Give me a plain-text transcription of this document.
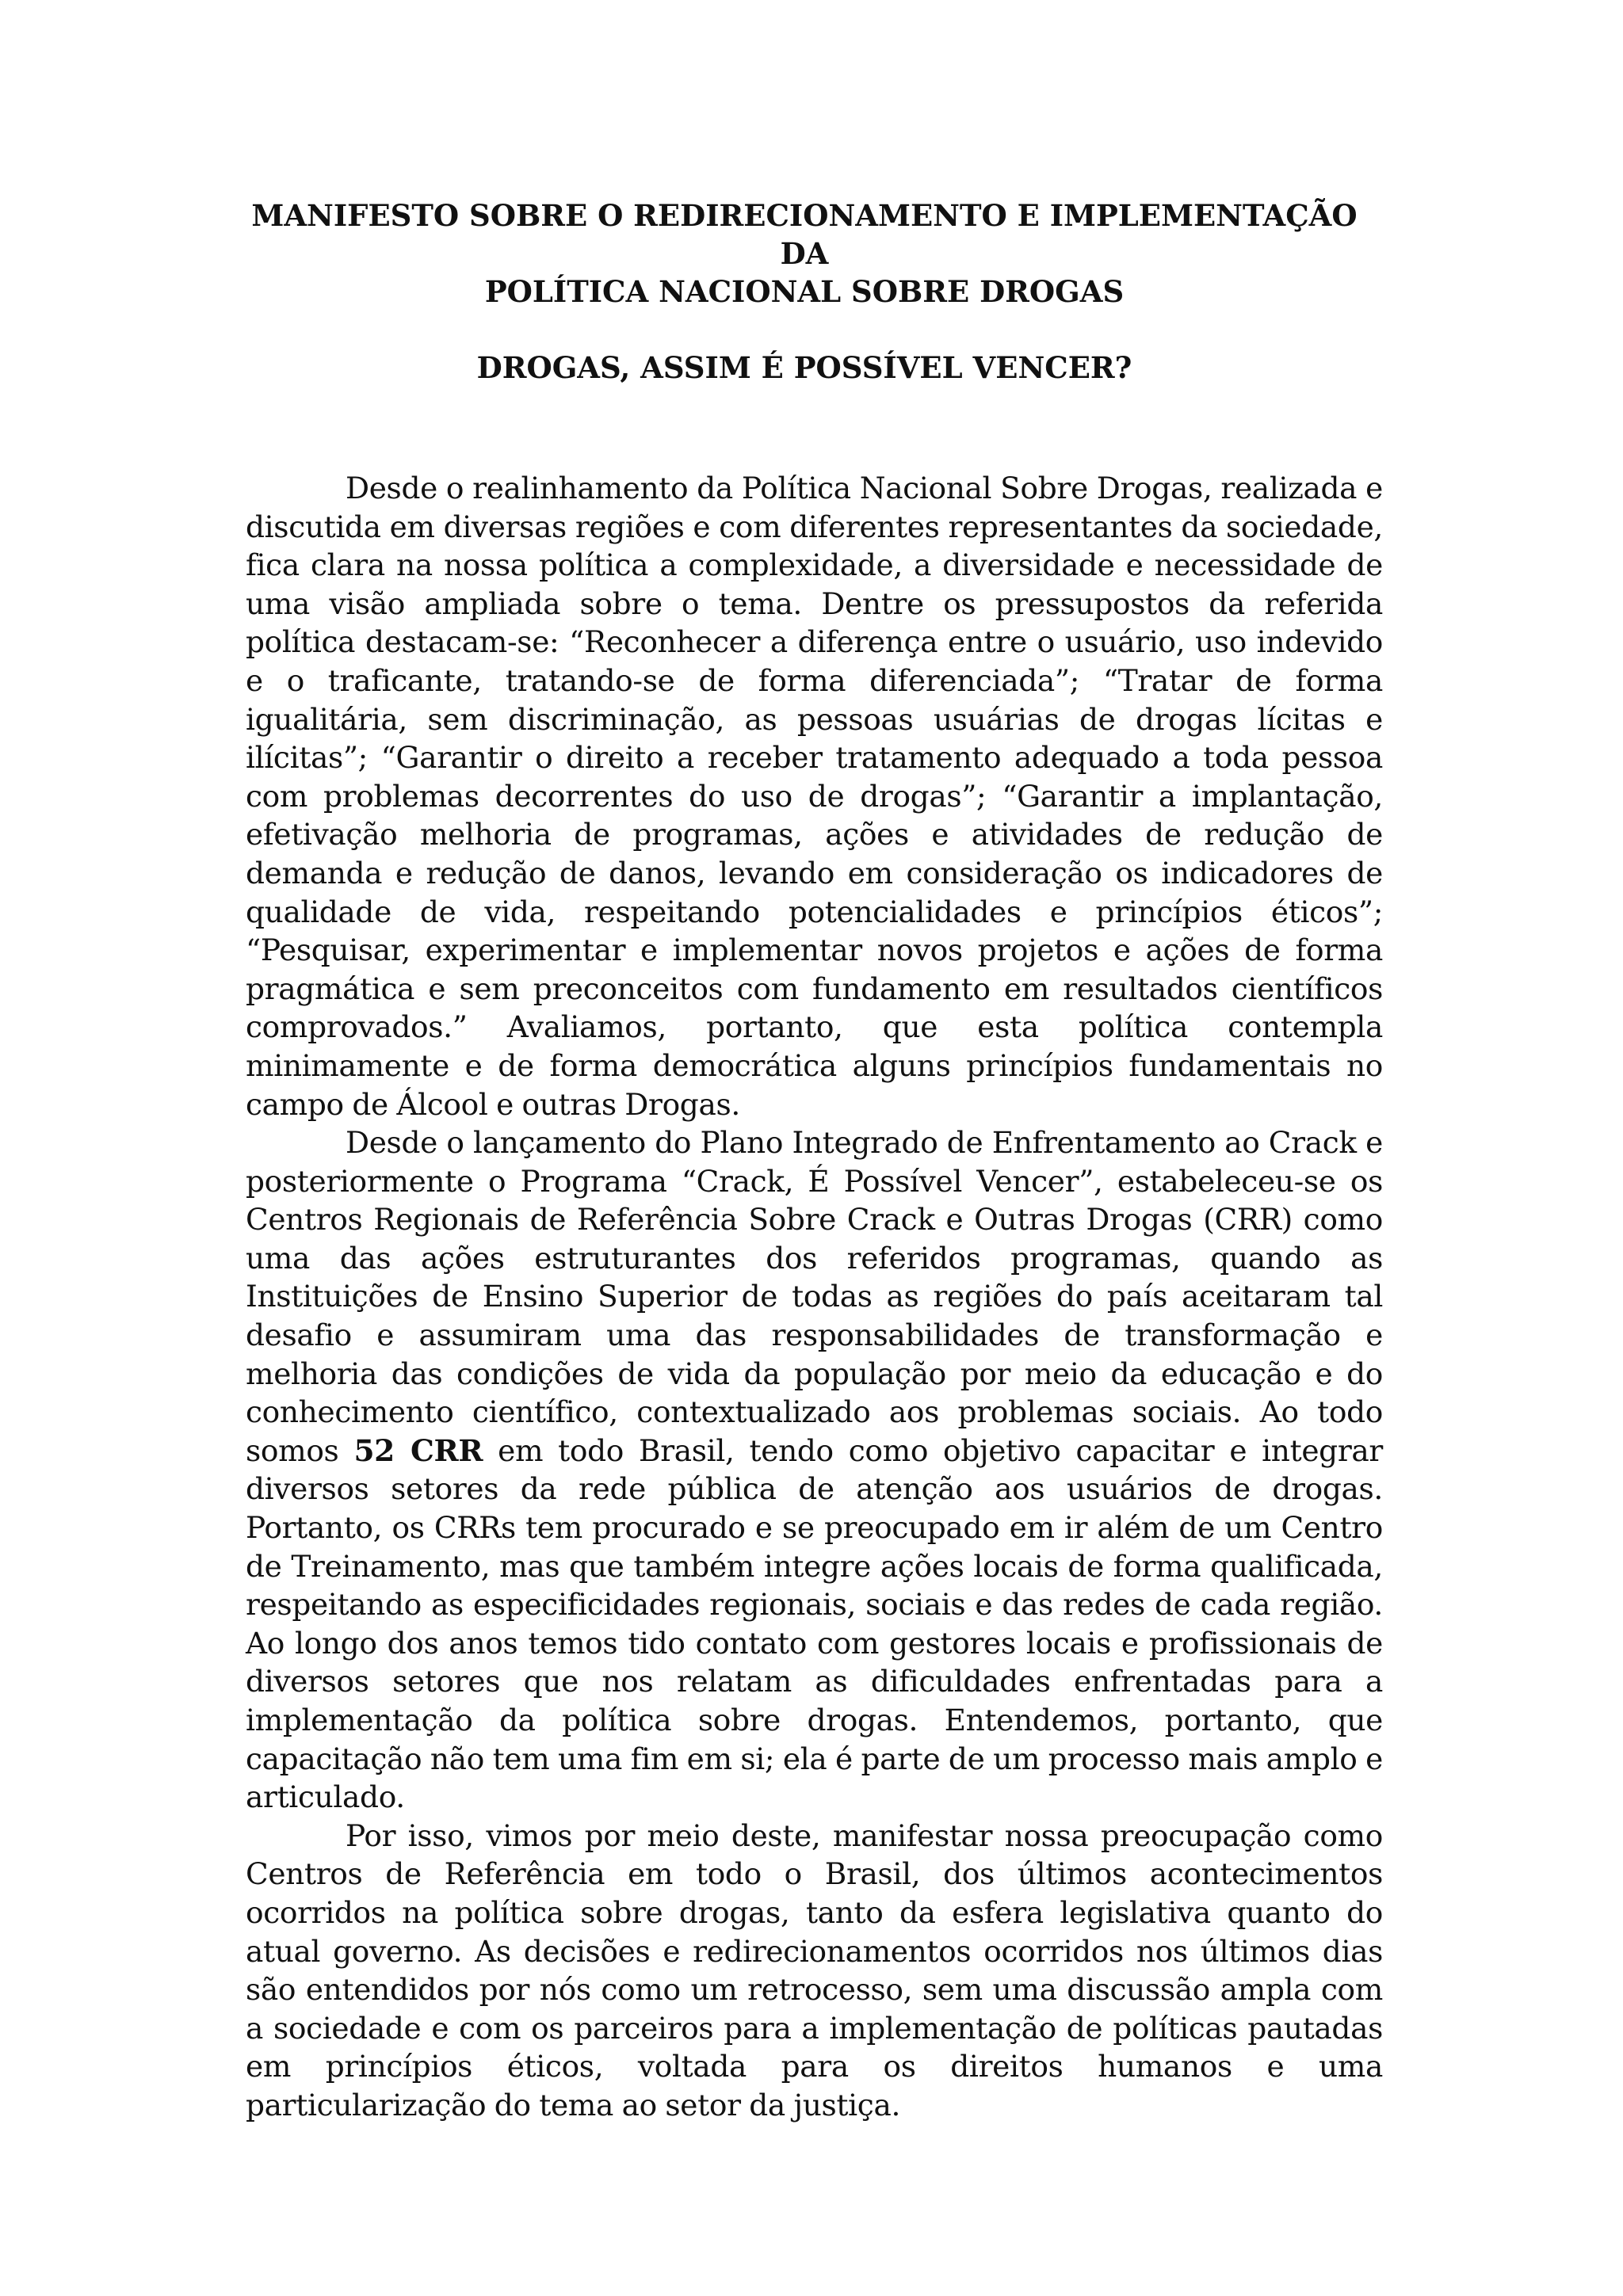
MANIFESTO SOBRE O REDIRECIONAMENTO E IMPLEMENTAÇÃO DA
POLÍTICA NACIONAL SOBRE DROGAS
DROGAS, ASSIM É POSSÍVEL VENCER?

Desde o realinhamento da Política Nacional Sobre Drogas, realizada e discutida em diversas regiões e com diferentes representantes da sociedade, fica clara na nossa política a complexidade, a diversidade e necessidade de uma visão ampliada sobre o tema. Dentre os pressupostos da referida política destacam-se: “Reconhecer a diferença entre o usuário, uso indevido e o traficante, tratando-se de forma diferenciada”; “Tratar de forma igualitária, sem discriminação, as pessoas usuárias de drogas lícitas e ilícitas”; “Garantir o direito a receber tratamento adequado a toda pessoa com problemas decorrentes do uso de drogas”; “Garantir a implantação, efetivação melhoria de programas, ações e atividades de redução de demanda e redução de danos, levando em consideração os indicadores de qualidade de vida, respeitando potencialidades e princípios éticos”; “Pesquisar, experimentar e implementar novos projetos e ações de forma pragmática e sem preconceitos com fundamento em resultados científicos comprovados.” Avaliamos, portanto, que esta política contempla minimamente e de forma democrática alguns princípios fundamentais no campo de Álcool e outras Drogas.

Desde o lançamento do Plano Integrado de Enfrentamento ao Crack e posteriormente o Programa “Crack, É Possível Vencer”, estabeleceu-se os Centros Regionais de Referência Sobre Crack e Outras Drogas (CRR) como uma das ações estruturantes dos referidos programas, quando as Instituições de Ensino Superior de todas as regiões do país aceitaram tal desafio e assumiram uma das responsabilidades de transformação e melhoria das condições de vida da população por meio da educação e do conhecimento científico, contextualizado aos problemas sociais. Ao todo somos 52 CRR em todo Brasil, tendo como objetivo capacitar e integrar diversos setores da rede pública de atenção aos usuários de drogas. Portanto, os CRRs tem procurado e se preocupado em ir além de um Centro de Treinamento, mas que também integre ações locais de forma qualificada, respeitando as especificidades regionais, sociais e das redes de cada região. Ao longo dos anos temos tido contato com gestores locais e profissionais de diversos setores que nos relatam as dificuldades enfrentadas para a implementação da política sobre drogas. Entendemos, portanto, que capacitação não tem uma fim em si; ela é parte de um processo mais amplo e articulado.

Por isso, vimos por meio deste, manifestar nossa preocupação como Centros de Referência em todo o Brasil, dos últimos acontecimentos ocorridos na política sobre drogas, tanto da esfera legislativa quanto do atual governo. As decisões e redirecionamentos ocorridos nos últimos dias são entendidos por nós como um retrocesso, sem uma discussão ampla com a sociedade e com os parceiros para a implementação de políticas pautadas em princípios éticos, voltada para os direitos humanos e uma particularização do tema ao setor da justiça.
